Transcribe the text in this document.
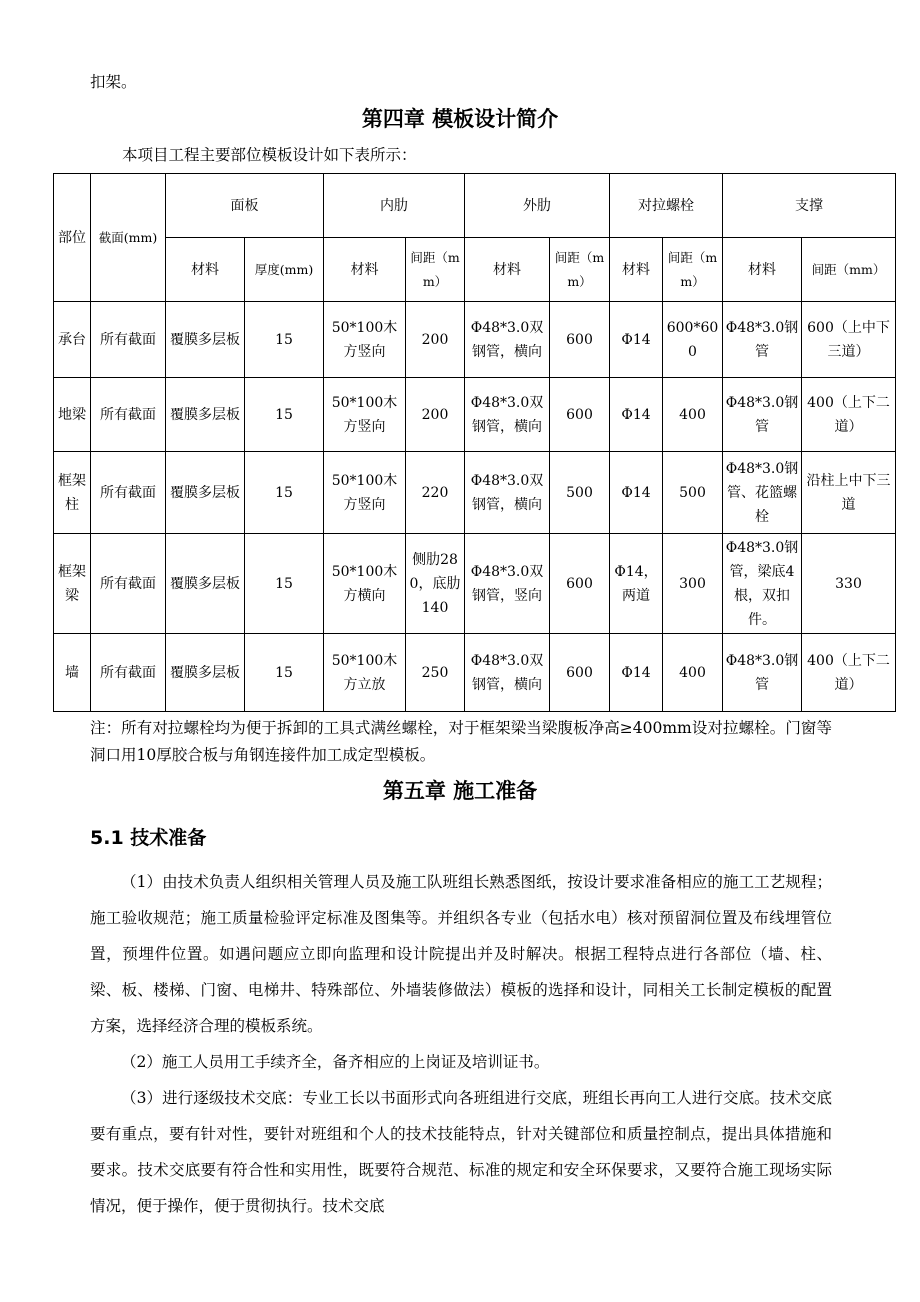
扣架。
第四章 模板设计简介
本项目工程主要部位模板设计如下表所示：
部位	截面(mm)	面板		内肋		外肋		对拉螺栓		支撑	
		材料	厚度(mm)	材料	间距（mm）	材料	间距（mm）	材料	间距（mm）	材料	间距（mm）
承台	所有截面	覆膜多层板	15	50*100木方竖向	200	Φ48*3.0双钢管，横向	600	Φ14	600*600	Φ48*3.0钢管	600（上中下三道）
地梁	所有截面	覆膜多层板	15	50*100木方竖向	200	Φ48*3.0双钢管，横向	600	Φ14	400	Φ48*3.0钢管	400（上下二道）
框架柱	所有截面	覆膜多层板	15	50*100木方竖向	220	Φ48*3.0双钢管，横向	500	Φ14	500	Φ48*3.0钢管、花篮螺栓	沿柱上中下三道
框架梁	所有截面	覆膜多层板	15	50*100木方横向	侧肋280，底肋140	Φ48*3.0双钢管，竖向	600	Φ14，两道	300	Φ48*3.0钢管，梁底4根，双扣件。	330
墙	所有截面	覆膜多层板	15	50*100木方立放	250	Φ48*3.0双钢管，横向	600	Φ14	400	Φ48*3.0钢管	400（上下二道）
注：所有对拉螺栓均为便于拆卸的工具式满丝螺栓，对于框架梁当梁腹板净高≥400mm设对拉螺栓。门窗等洞口用10厚胶合板与角钢连接件加工成定型模板。
第五章 施工准备
5.1 技术准备
（1）由技术负责人组织相关管理人员及施工队班组长熟悉图纸，按设计要求准备相应的施工工艺规程；施工验收规范；施工质量检验评定标准及图集等。并组织各专业（包括水电）核对预留洞位置及布线埋管位置，预埋件位置。如遇问题应立即向监理和设计院提出并及时解决。根据工程特点进行各部位（墙、柱、梁、板、楼梯、门窗、电梯井、特殊部位、外墙装修做法）模板的选择和设计，同相关工长制定模板的配置方案，选择经济合理的模板系统。
（2）施工人员用工手续齐全，备齐相应的上岗证及培训证书。
（3）进行逐级技术交底：专业工长以书面形式向各班组进行交底，班组长再向工人进行交底。技术交底要有重点，要有针对性，要针对班组和个人的技术技能特点，针对关键部位和质量控制点，提出具体措施和要求。技术交底要有符合性和实用性，既要符合规范、标准的规定和安全环保要求，又要符合施工现场实际情况，便于操作，便于贯彻执行。技术交底
